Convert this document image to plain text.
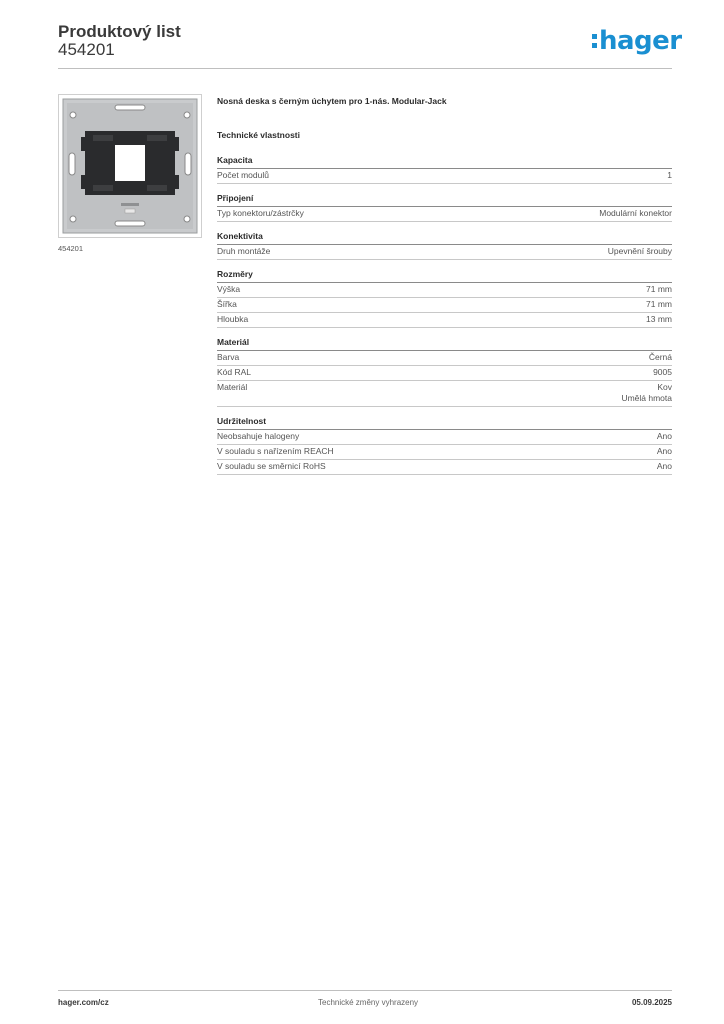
Produktový list
454201	hager
454201
Nosná deska s černým úchytem pro 1-nás. Modular-Jack
Technické vlastnosti
Kapacita
Počet modulů	1
Připojení
Typ konektoru/zástrčky	Modulární konektor
Konektivita
Druh montáže	Upevnění šrouby
Rozměry
Výška	71 mm
Šířka	71 mm
Hloubka	13 mm
Materiál
Barva	Černá
Kód RAL	9005
Materiál	Kov
Umělá hmota
Udržitelnost
Neobsahuje halogeny	Ano
V souladu s nařízením REACH	Ano
V souladu se směrnicí RoHS	Ano
hager.com/cz	Technické změny vyhrazeny	05.09.2025
